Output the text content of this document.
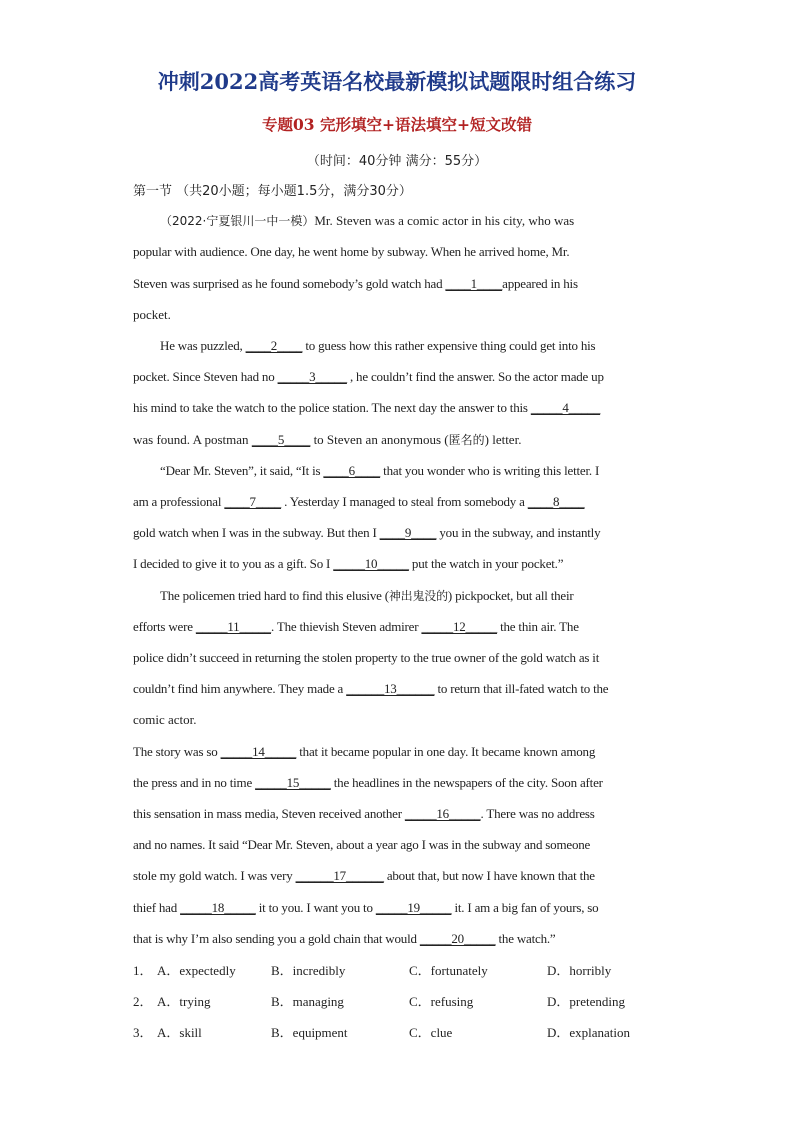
冲刺2022高考英语名校最新模拟试题限时组合练习
专题03 完形填空+语法填空+短文改错
（时间：40分钟 满分：55分）
第一节 （共20小题；每小题1.5分，满分30分）
（2022·宁夏银川一中一模）Mr. Steven was a comic actor in his city, who was
popular with audience. One day, he went home by subway. When he arrived home, Mr.
Steven was surprised as he found somebody’s gold watch had ____1____appeared in his
pocket.
He was puzzled, ____2____ to guess how this rather expensive thing could get into his
pocket. Since Steven had no _____3_____ , he couldn’t find the answer. So the actor made up
his mind to take the watch to the police station. The next day the answer to this _____4_____
was found. A postman ____5____ to Steven an anonymous (匿名的) letter.
“Dear Mr. Steven”, it said, “It is ____6____ that you wonder who is writing this letter. I
am a professional ____7____ . Yesterday I managed to steal from somebody a ____8____
gold watch when I was in the subway. But then I ____9____ you in the subway, and instantly
I decided to give it to you as a gift. So I _____10_____ put the watch in your pocket.”
The policemen tried hard to find this elusive (神出鬼没的) pickpocket, but all their
efforts were _____11_____. The thievish Steven admirer _____12_____ the thin air. The
police didn’t succeed in returning the stolen property to the true owner of the gold watch as it
couldn’t find him anywhere. They made a ______13______ to return that ill-fated watch to the
comic actor.
The story was so _____14_____ that it became popular in one day. It became known among
the press and in no time _____15_____ the headlines in the newspapers of the city. Soon after
this sensation in mass media, Steven received another _____16_____. There was no address
and no names. It said “Dear Mr. Steven, about a year ago I was in the subway and someone
stole my gold watch. I was very ______17______ about that, but now I have known that the
thief had _____18_____ it to you. I want you to _____19_____ it. I am a big fan of yours, so
that is why I’m also sending you a gold chain that would _____20_____ the watch.”
1． A．expectedly	B．incredibly	C．fortunately	D．horribly
2． A．trying	B．managing	C．refusing	D．pretending
3． A．skill	B．equipment	C．clue	D．explanation
